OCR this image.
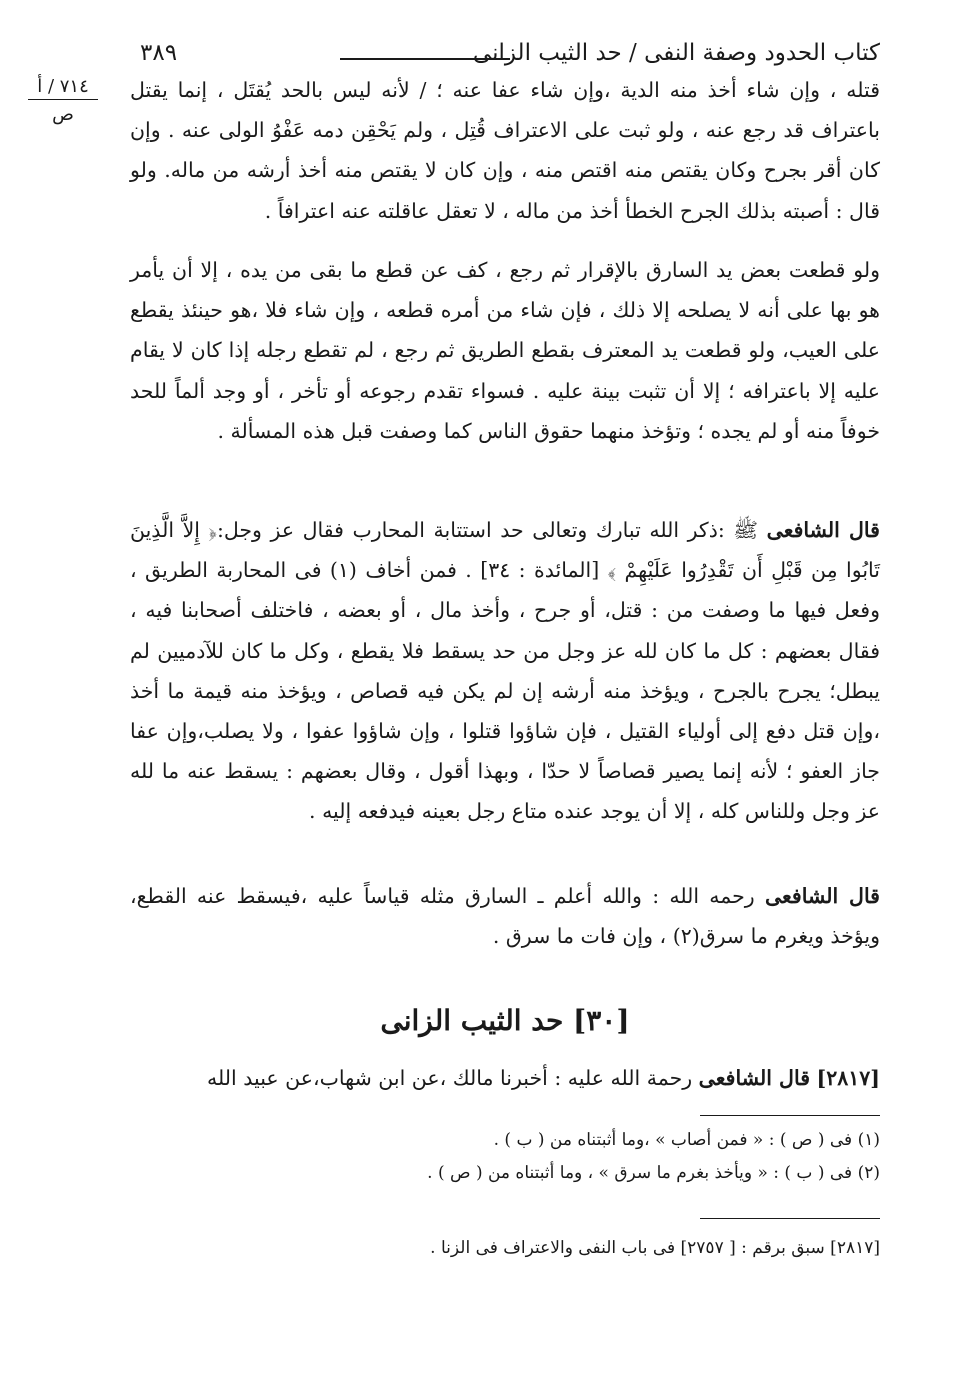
كتاب الحدود وصفة النفى / حد الثيب الزانى
٣٨٩
٧١٤ / أ
ص

قتله ، وإن شاء أخذ منه الدية ،وإن شاء عفا عنه ؛ / لأنه ليس بالحد يُقتَل ، إنما يقتل باعتراف قد رجع عنه ، ولو ثبت على الاعتراف قُتِل ، ولم يَحْقِن دمه عَفْوُ الولى عنه . وإن كان أقر بجرح وكان يقتص منه اقتص منه ، وإن كان لا يقتص منه أخذ أرشه من ماله. ولو قال : أصبته بذلك الجرح الخطأ أخذ من ماله ، لا تعقل عاقلته عنه اعترافاً .

ولو قطعت بعض يد السارق بالإقرار ثم رجع ، كف عن قطع ما بقى من يده ، إلا أن يأمر هو بها على أنه لا يصلحه إلا ذلك ، فإن شاء من أمره قطعه ، وإن شاء فلا ،هو حينئذ يقطع على العيب، ولو قطعت يد المعترف بقطع الطريق ثم رجع ، لم تقطع رجله إذا كان لا يقام عليه إلا باعترافه ؛ إلا أن تثبت بينة عليه . فسواء تقدم رجوعه أو تأخر ، أو وجد ألماً للحد خوفاً منه أو لم يجده ؛ وتؤخذ منهما حقوق الناس كما وصفت قبل هذه المسألة .

قال الشافعى ﷺ :ذكر الله تبارك وتعالى حد استتابة المحارب فقال عز وجل:﴿ إِلاَّ الَّذِينَ تَابُوا مِن قَبْلِ أَن تَقْدِرُوا عَلَيْهِمْ ﴾ [المائدة : ٣٤] . فمن أخاف (١) فى المحاربة الطريق ، وفعل فيها ما وصفت من : قتل، أو جرح ، وأخذ مال ، أو بعضه ، فاختلف أصحابنا فيه ، فقال بعضهم : كل ما كان لله عز وجل من حد يسقط فلا يقطع ، وكل ما كان للآدميين لم يبطل؛ يجرح بالجرح ، ويؤخذ منه أرشه إن لم يكن فيه قصاص ، ويؤخذ منه قيمة ما أخذ ،وإن قتل دفع إلى أولياء القتيل ، فإن شاؤوا قتلوا ، وإن شاؤوا عفوا ، ولا يصلب،وإن عفا جاز العفو ؛ لأنه إنما يصير قصاصاً لا حدّا ، وبهذا أقول ، وقال بعضهم : يسقط عنه ما لله عز وجل وللناس كله ، إلا أن يوجد عنده متاع رجل بعينه فيدفعه إليه .

قال الشافعى رحمه الله : والله أعلم ـ السارق مثله قياساً عليه ،فيسقط عنه القطع، ويؤخذ ويغرم ما سرق(٢) ، وإن فات ما سرق .

[٣٠] حد الثيب الزانى
[٢٨١٧] قال الشافعى رحمة الله عليه : أخبرنا مالك ،عن ابن شهاب،عن عبيد الله
(١) فى ( ص ) : « فمن أصاب » ،وما أثبتناه من ( ب ) .
(٢) فى ( ب ) : « ويأخذ بغرم ما سرق » ، وما أثبتناه من ( ص ) .
[٢٨١٧] سبق برقم : [ ٢٧٥٧] فى باب النفى والاعتراف فى الزنا .
